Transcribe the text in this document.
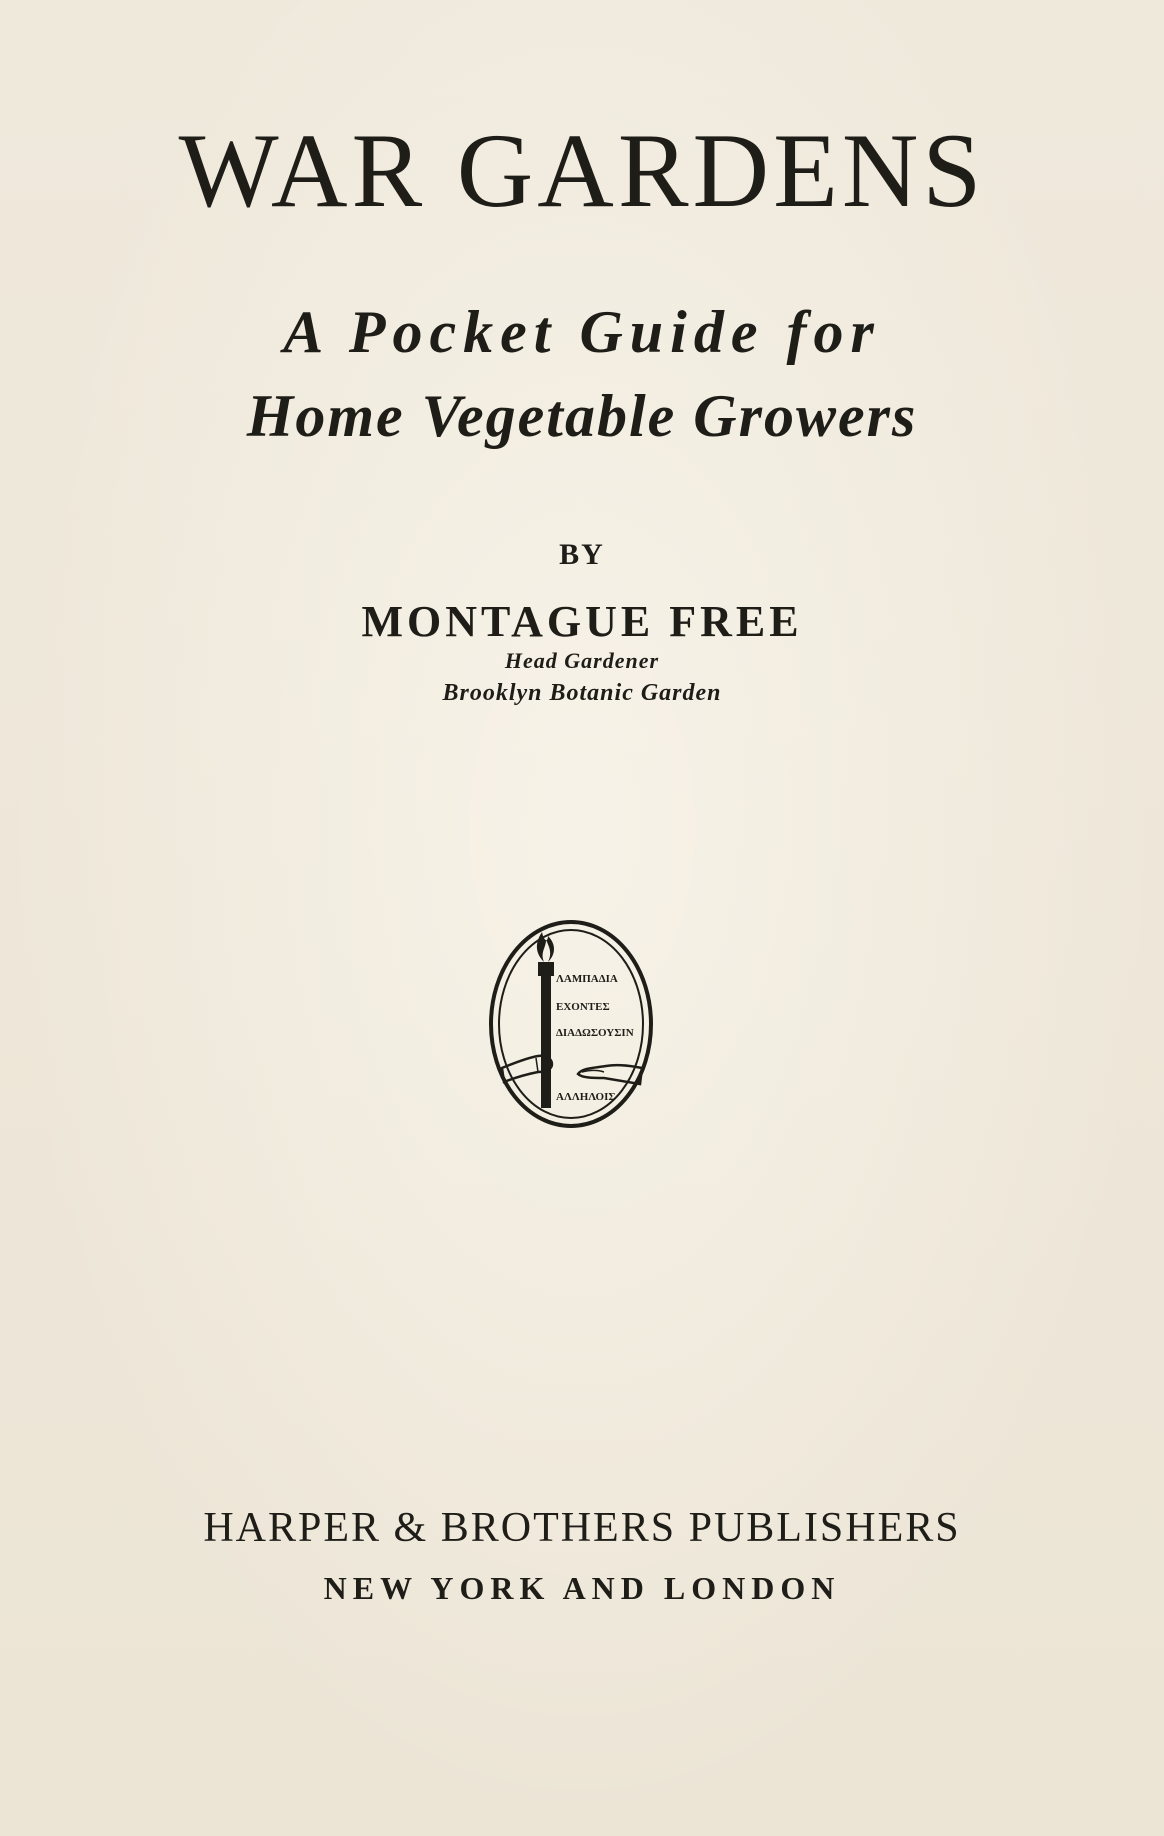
WAR GARDENS
A Pocket Guide for
Home Vegetable Growers
BY
MONTAGUE FREE
Head Gardener
Brooklyn Botanic Garden
ΛΑΜΠΑΔΙΑ
ΕΧΟΝΤΕΣ
ΔΙΑΔΩΣΟΥΣΙΝ
ΑΛΛΗΛΟΙΣ
HARPER & BROTHERS PUBLISHERS
NEW YORK AND LONDON
